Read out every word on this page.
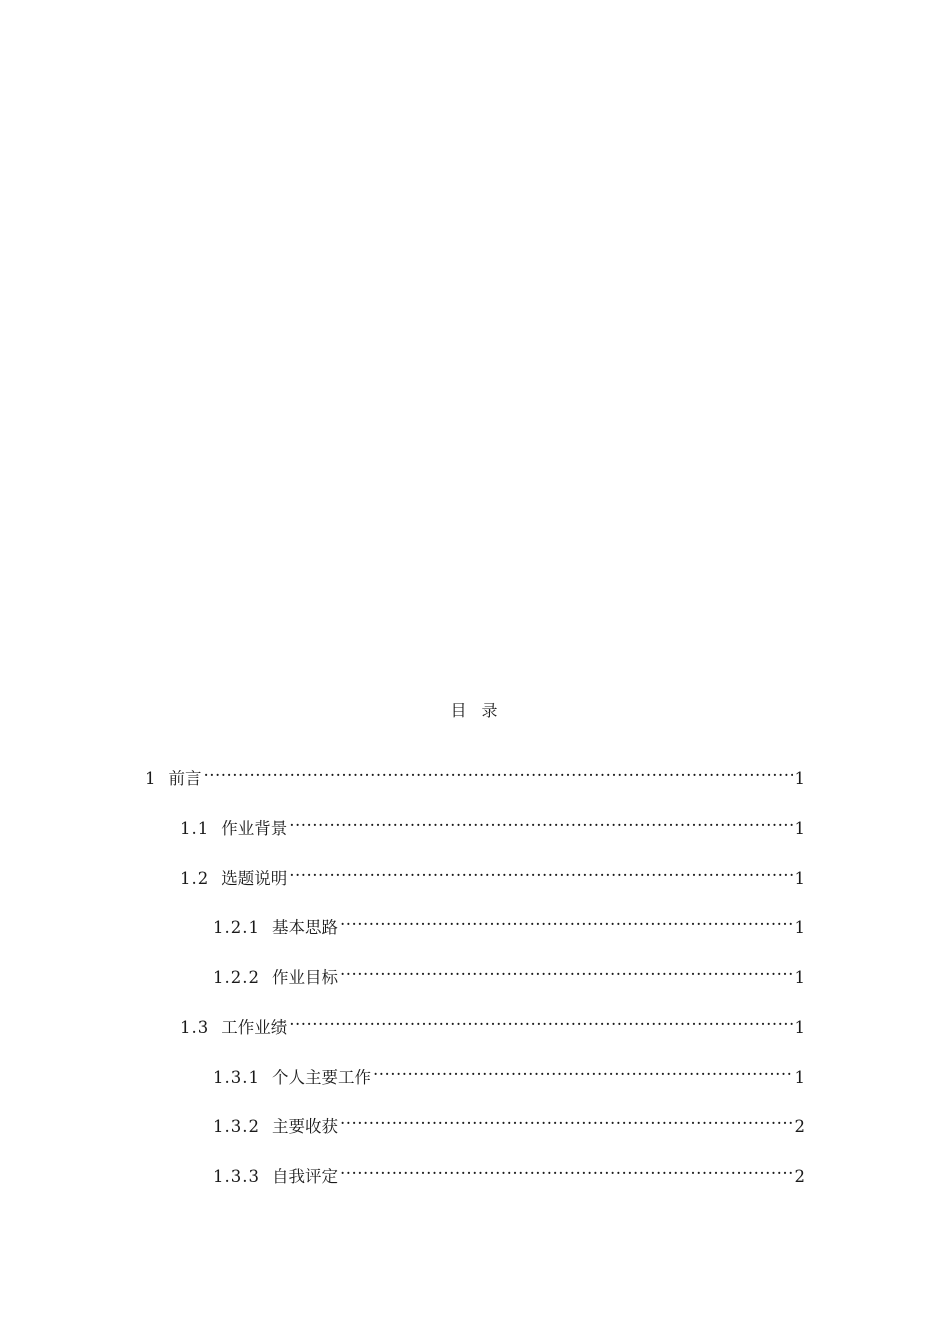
目 录
1 前言 .....	1
1.1 作业背景 .....	1
1.2 选题说明 .....	1
1.2.1 基本思路 .....	1
1.2.2 作业目标 .....	1
1.3 工作业绩 .....	1
1.3.1 个人主要工作 .....	1
1.3.2 主要收获 .....	2
1.3.3 自我评定 .....	2
